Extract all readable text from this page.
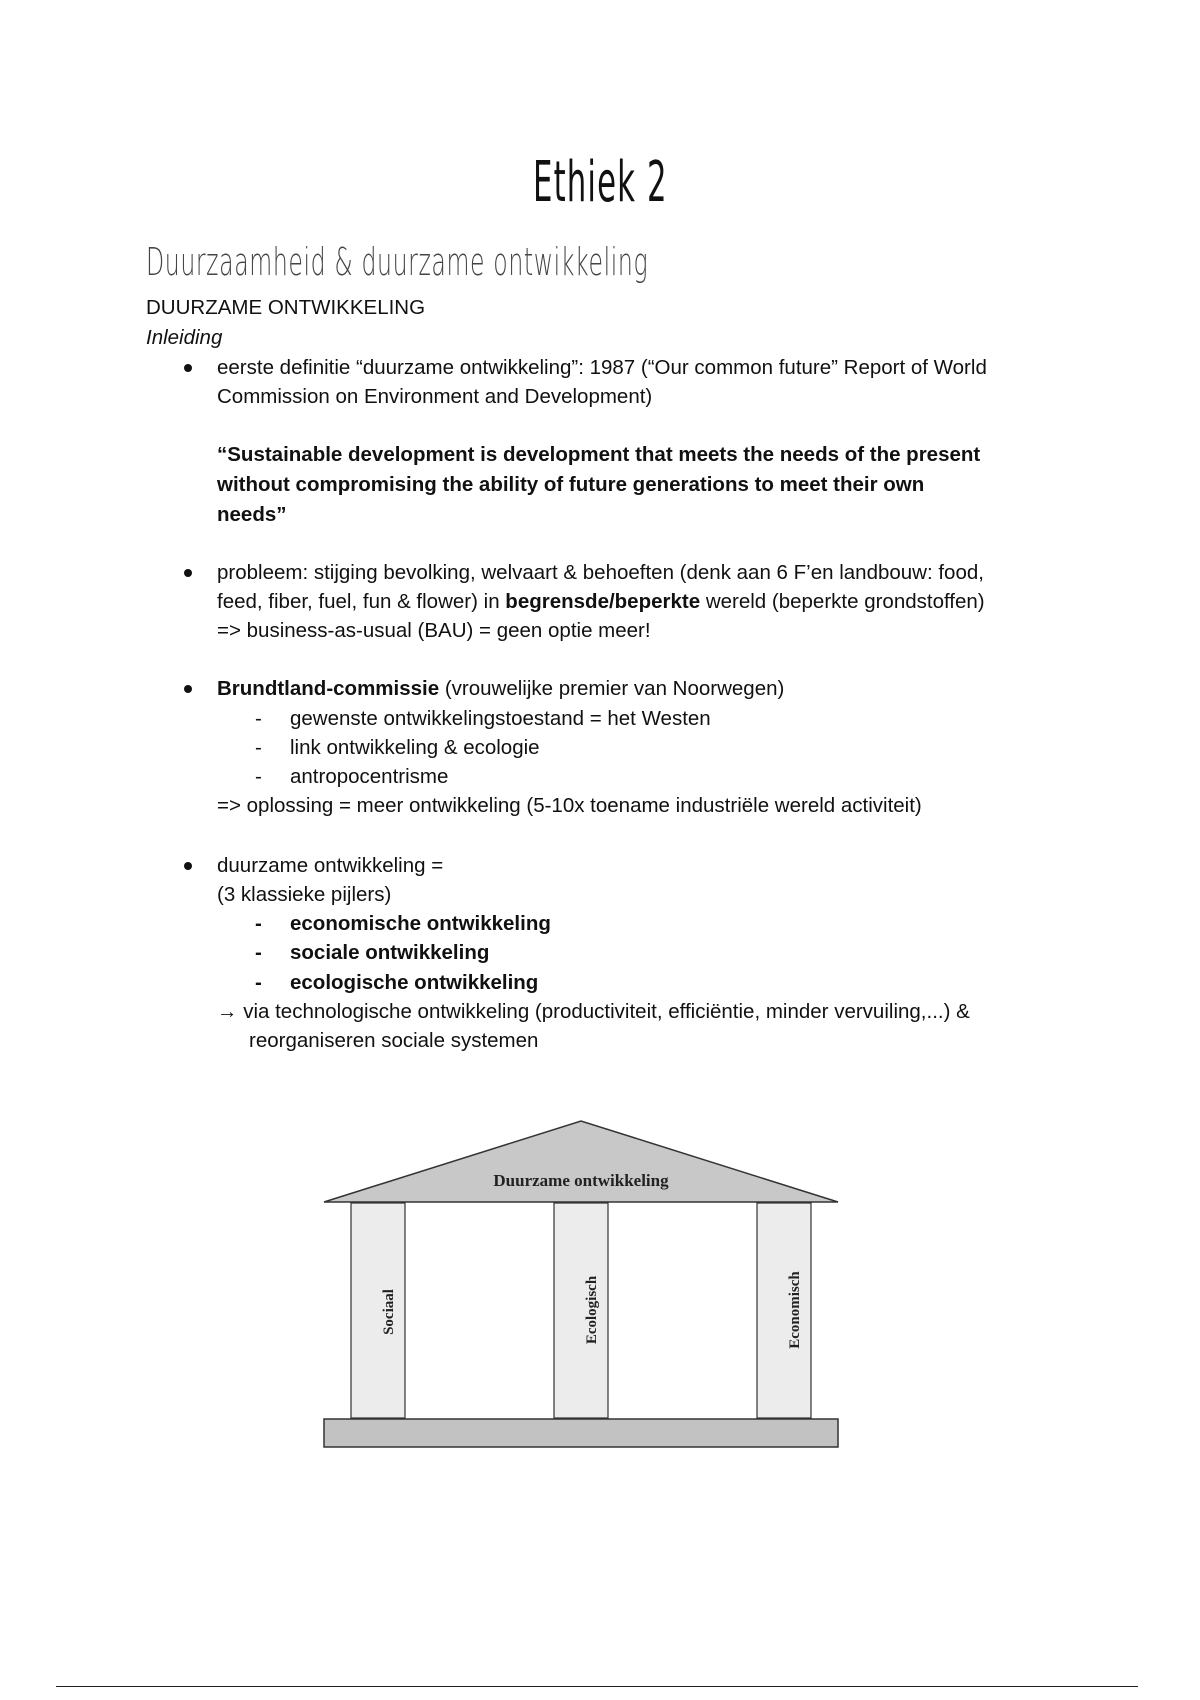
Ethiek 2
Duurzaamheid & duurzame ontwikkeling
DUURZAME ONTWIKKELING
Inleiding
eerste definitie “duurzame ontwikkeling”: 1987 (“Our common future” Report of World
Commission on Environment and Development)
“Sustainable development is development that meets the needs of the present
without compromising the ability of future generations to meet their own
needs”
probleem: stijging bevolking, welvaart & behoeften (denk aan 6 F’en landbouw: food,
feed, fiber, fuel, fun & flower) in begrensde/beperkte wereld (beperkte grondstoffen)
=> business-as-usual (BAU) = geen optie meer!
Brundtland-commissie (vrouwelijke premier van Noorwegen)
- gewenste ontwikkelingstoestand = het Westen
- link ontwikkeling & ecologie
- antropocentrisme
=> oplossing = meer ontwikkeling (5-10x toename industriële wereld activiteit)
duurzame ontwikkeling =
(3 klassieke pijlers)
- economische ontwikkeling
- sociale ontwikkeling
- ecologische ontwikkeling
→ via technologische ontwikkeling (productiviteit, efficiëntie, minder vervuiling,...) &
reorganiseren sociale systemen
Duurzame ontwikkeling
Sociaal	Ecologisch	Economisch
